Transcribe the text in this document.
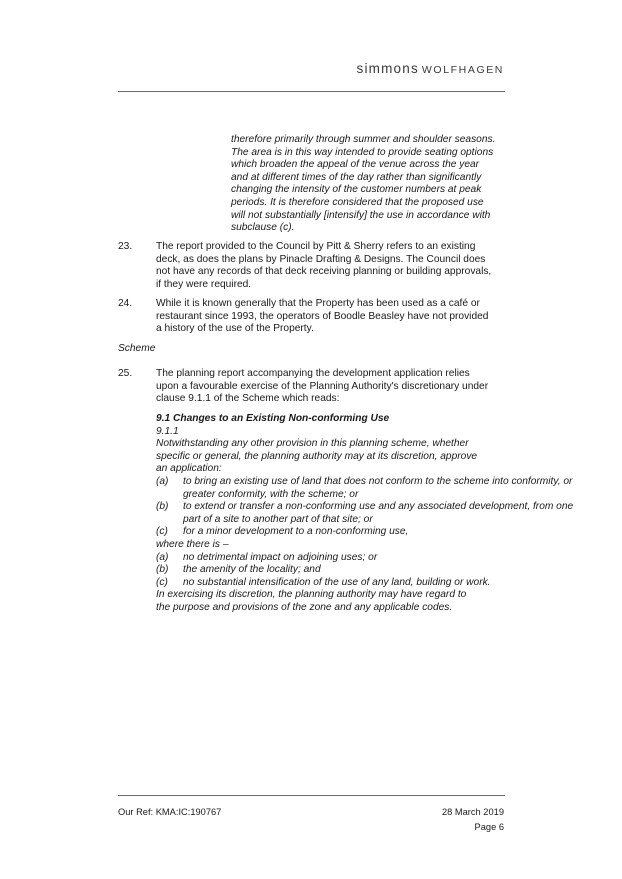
simmons WOLFHAGEN
therefore primarily through summer and shoulder seasons.
The area is in this way intended to provide seating options
which broaden the appeal of the venue across the year
and at different times of the day rather than significantly
changing the intensity of the customer numbers at peak
periods. It is therefore considered that the proposed use
will not substantially [intensify] the use in accordance with
subclause (c).
23. The report provided to the Council by Pitt & Sherry refers to an existing
deck, as does the plans by Pinacle Drafting & Designs. The Council does
not have any records of that deck receiving planning or building approvals,
if they were required.
24. While it is known generally that the Property has been used as a café or
restaurant since 1993, the operators of Boodle Beasley have not provided
a history of the use of the Property.
Scheme
25. The planning report accompanying the development application relies
upon a favourable exercise of the Planning Authority's discretionary under
clause 9.1.1 of the Scheme which reads:
9.1 Changes to an Existing Non-conforming Use
9.1.1
Notwithstanding any other provision in this planning scheme, whether
specific or general, the planning authority may at its discretion, approve
an application:
(a) to bring an existing use of land that does not conform to the scheme into conformity, or
greater conformity, with the scheme; or
(b) to extend or transfer a non-conforming use and any associated development, from one
part of a site to another part of that site; or
(c) for a minor development to a non-conforming use,
where there is –
(a) no detrimental impact on adjoining uses; or
(b) the amenity of the locality; and
(c) no substantial intensification of the use of any land, building or work.
In exercising its discretion, the planning authority may have regard to
the purpose and provisions of the zone and any applicable codes.
Our Ref: KMA:IC:190767	28 March 2019
Page 6
